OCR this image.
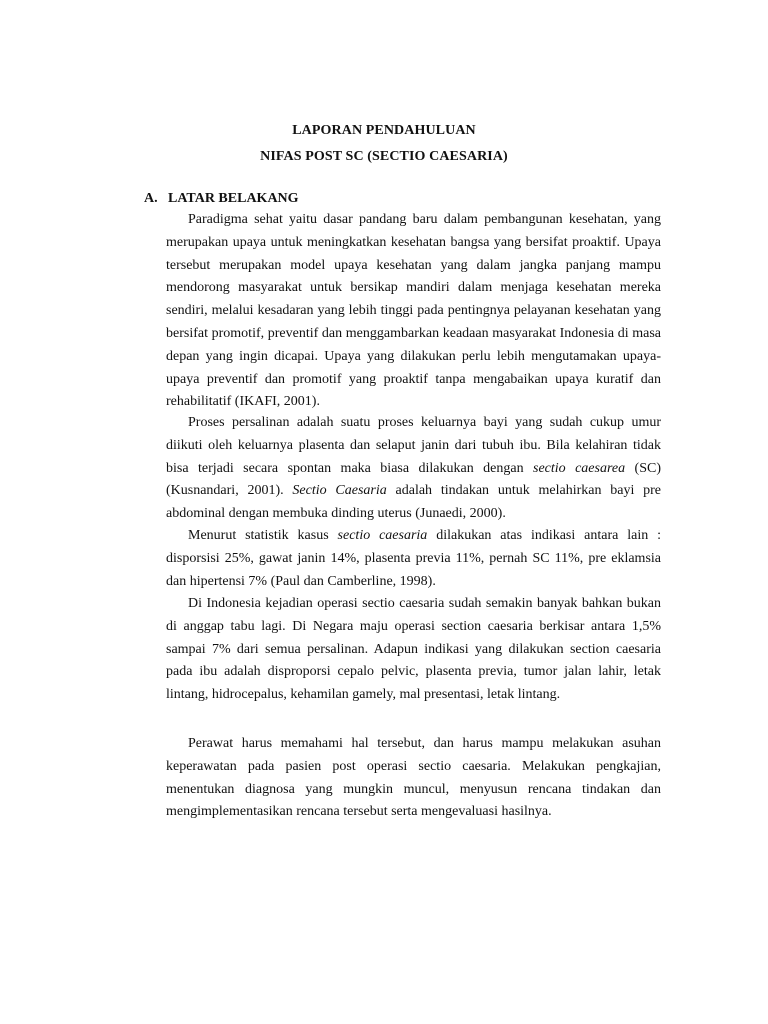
LAPORAN PENDAHULUAN
NIFAS POST SC (SECTIO CAESARIA)
A. LATAR BELAKANG

Paradigma sehat yaitu dasar pandang baru dalam pembangunan kesehatan, yang merupakan upaya untuk meningkatkan kesehatan bangsa yang bersifat proaktif. Upaya tersebut merupakan model upaya kesehatan yang dalam jangka panjang mampu mendorong masyarakat untuk bersikap mandiri dalam menjaga kesehatan mereka sendiri, melalui kesadaran yang lebih tinggi pada pentingnya pelayanan kesehatan yang bersifat promotif, preventif dan menggambarkan keadaan masyarakat Indonesia di masa depan yang ingin dicapai. Upaya yang dilakukan perlu lebih mengutamakan upaya-upaya preventif dan promotif yang proaktif tanpa mengabaikan upaya kuratif dan rehabilitatif (IKAFI, 2001).

Proses persalinan adalah suatu proses keluarnya bayi yang sudah cukup umur diikuti oleh keluarnya plasenta dan selaput janin dari tubuh ibu. Bila kelahiran tidak bisa terjadi secara spontan maka biasa dilakukan dengan sectio caesarea (SC) (Kusnandari, 2001). Sectio Caesaria adalah tindakan untuk melahirkan bayi pre abdominal dengan membuka dinding uterus (Junaedi, 2000).

Menurut statistik kasus sectio caesaria dilakukan atas indikasi antara lain : disporsisi 25%, gawat janin 14%, plasenta previa 11%, pernah SC 11%, pre eklamsia dan hipertensi 7% (Paul dan Camberline, 1998).

Di Indonesia kejadian operasi sectio caesaria sudah semakin banyak bahkan bukan di anggap tabu lagi. Di Negara maju operasi section caesaria berkisar antara 1,5% sampai 7% dari semua persalinan. Adapun indikasi yang dilakukan section caesaria pada ibu adalah disproporsi cepalo pelvic, plasenta previa, tumor jalan lahir, letak lintang, hidrocepalus, kehamilan gamely, mal presentasi, letak lintang.

Perawat harus memahami hal tersebut, dan harus mampu melakukan asuhan keperawatan pada pasien post operasi sectio caesaria. Melakukan pengkajian, menentukan diagnosa yang mungkin muncul, menyusun rencana tindakan dan mengimplementasikan rencana tersebut serta mengevaluasi hasilnya.
